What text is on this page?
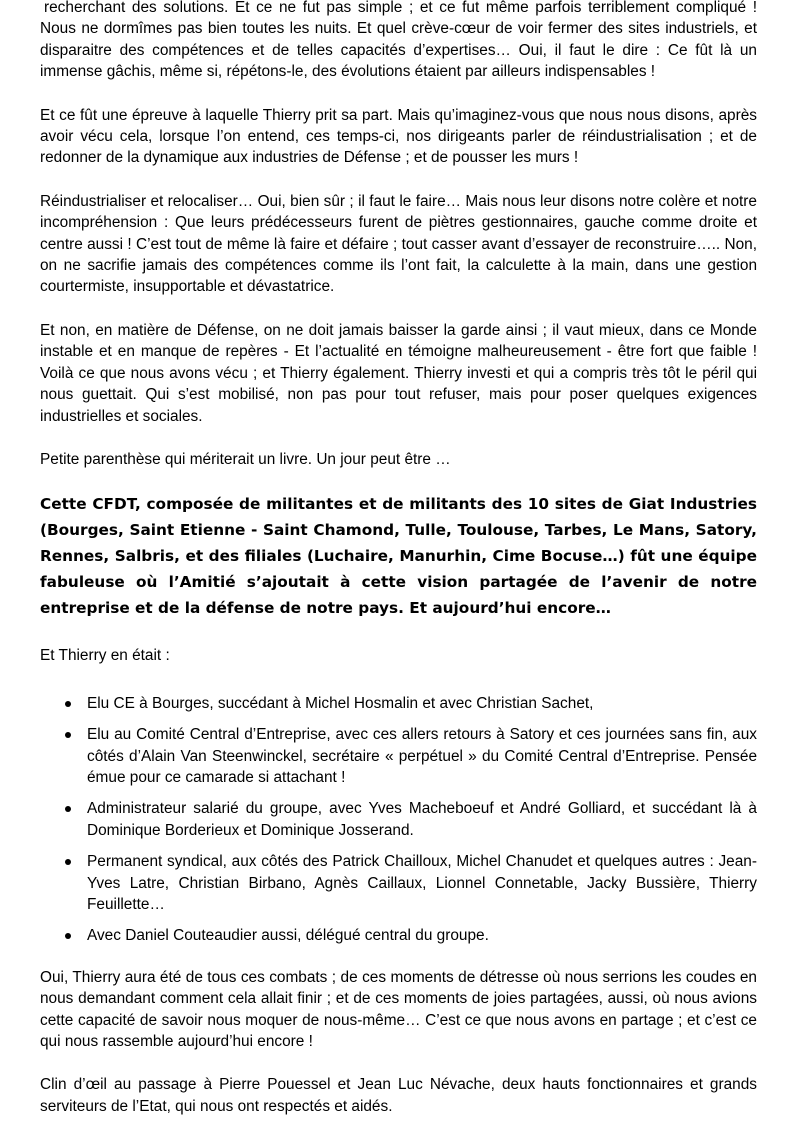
recherchant des solutions. Et ce ne fut pas simple ; et ce fut même parfois terriblement compliqué ! Nous ne dormîmes pas bien toutes les nuits. Et quel crève-cœur de voir fermer des sites industriels, et disparaitre des compétences et de telles capacités d’expertises… Oui, il faut le dire : Ce fût là un immense gâchis, même si, répétons-le, des évolutions étaient par ailleurs indispensables !

Et ce fût une épreuve à laquelle Thierry prit sa part. Mais qu’imaginez-vous que nous nous disons, après avoir vécu cela, lorsque l’on entend, ces temps-ci, nos dirigeants parler de réindustrialisation ; et de redonner de la dynamique aux industries de Défense ; et de pousser les murs !

Réindustrialiser et relocaliser… Oui, bien sûr ; il faut le faire… Mais nous leur disons notre colère et notre incompréhension : Que leurs prédécesseurs furent de piètres gestionnaires, gauche comme droite et centre aussi ! C’est tout de même là faire et défaire ; tout casser avant d’essayer de reconstruire….. Non, on ne sacrifie jamais des compétences comme ils l’ont fait, la calculette à la main, dans une gestion courtermiste, insupportable et dévastatrice.

Et non, en matière de Défense, on ne doit jamais baisser la garde ainsi ; il vaut mieux, dans ce Monde instable et en manque de repères - Et l’actualité en témoigne malheureusement - être fort que faible ! Voilà ce que nous avons vécu ; et Thierry également. Thierry investi et qui a compris très tôt le péril qui nous guettait. Qui s’est mobilisé, non pas pour tout refuser, mais pour poser quelques exigences industrielles et sociales.

Petite parenthèse qui mériterait un livre. Un jour peut être …

Cette CFDT, composée de militantes et de militants des 10 sites de Giat Industries (Bourges, Saint Etienne - Saint Chamond, Tulle, Toulouse, Tarbes, Le Mans, Satory, Rennes, Salbris, et des filiales (Luchaire, Manurhin, Cime Bocuse…) fût une équipe fabuleuse où l’Amitié s’ajoutait à cette vision partagée de l’avenir de notre entreprise et de la défense de notre pays. Et aujourd’hui encore…

Et Thierry en était :

Elu CE à Bourges, succédant à Michel Hosmalin et avec Christian Sachet,
Elu au Comité Central d’Entreprise, avec ces allers retours à Satory et ces journées sans fin, aux côtés d’Alain Van Steenwinckel, secrétaire « perpétuel » du Comité Central d’Entreprise. Pensée émue pour ce camarade si attachant !
Administrateur salarié du groupe, avec Yves Macheboeuf et André Golliard, et succédant là à Dominique Borderieux et Dominique Josserand.
Permanent syndical, aux côtés des Patrick Chailloux, Michel Chanudet et quelques autres : Jean-Yves Latre, Christian Birbano, Agnès Caillaux, Lionnel Connetable, Jacky Bussière, Thierry Feuillette…
Avec Daniel Couteaudier aussi, délégué central du groupe.

Oui, Thierry aura été de tous ces combats ; de ces moments de détresse où nous serrions les coudes en nous demandant comment cela allait finir ; et de ces moments de joies partagées, aussi, où nous avions cette capacité de savoir nous moquer de nous-même… C’est ce que nous avons en partage ; et c’est ce qui nous rassemble aujourd’hui encore !

Clin d’œil au passage à Pierre Pouessel et Jean Luc Névache, deux hauts fonctionnaires et grands serviteurs de l’Etat, qui nous ont respectés et aidés.
